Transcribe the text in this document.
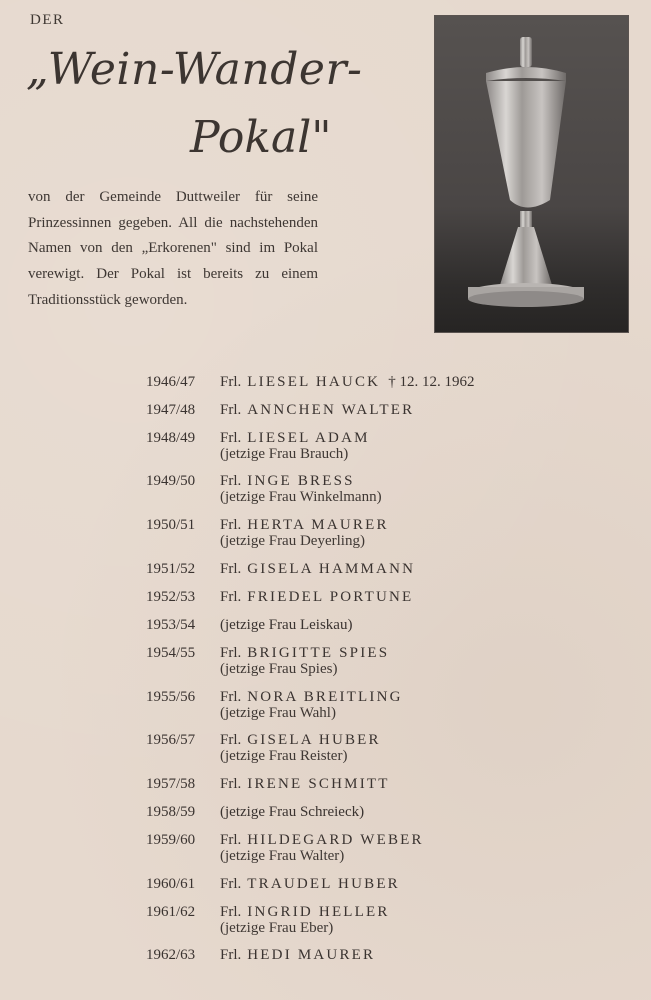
DER
„Wein-Wander-
Pokal"
von der Gemeinde Duttweiler für seine Prinzessinnen gegeben. All die nachstehenden Namen von den „Erkorenen" sind im Pokal verewigt. Der Pokal ist bereits zu einem Traditionsstück geworden.
1946/47 Frl. LIESEL HAUCK † 12. 12. 1962
1947/48 Frl. ANNCHEN WALTER
1948/49 Frl. LIESEL ADAM
(jetzige Frau Brauch)
1949/50 Frl. INGE BRESS
(jetzige Frau Winkelmann)
1950/51 Frl. HERTA MAURER
(jetzige Frau Deyerling)
1951/52 Frl. GISELA HAMMANN
1952/53 Frl. FRIEDEL PORTUNE
1953/54 (jetzige Frau Leiskau)
1954/55 Frl. BRIGITTE SPIES
(jetzige Frau Spies)
1955/56 Frl. NORA BREITLING
(jetzige Frau Wahl)
1956/57 Frl. GISELA HUBER
(jetzige Frau Reister)
1957/58 Frl. IRENE SCHMITT
1958/59 (jetzige Frau Schreieck)
1959/60 Frl. HILDEGARD WEBER
(jetzige Frau Walter)
1960/61 Frl. TRAUDEL HUBER
1961/62 Frl. INGRID HELLER
(jetzige Frau Eber)
1962/63 Frl. HEDI MAURER
